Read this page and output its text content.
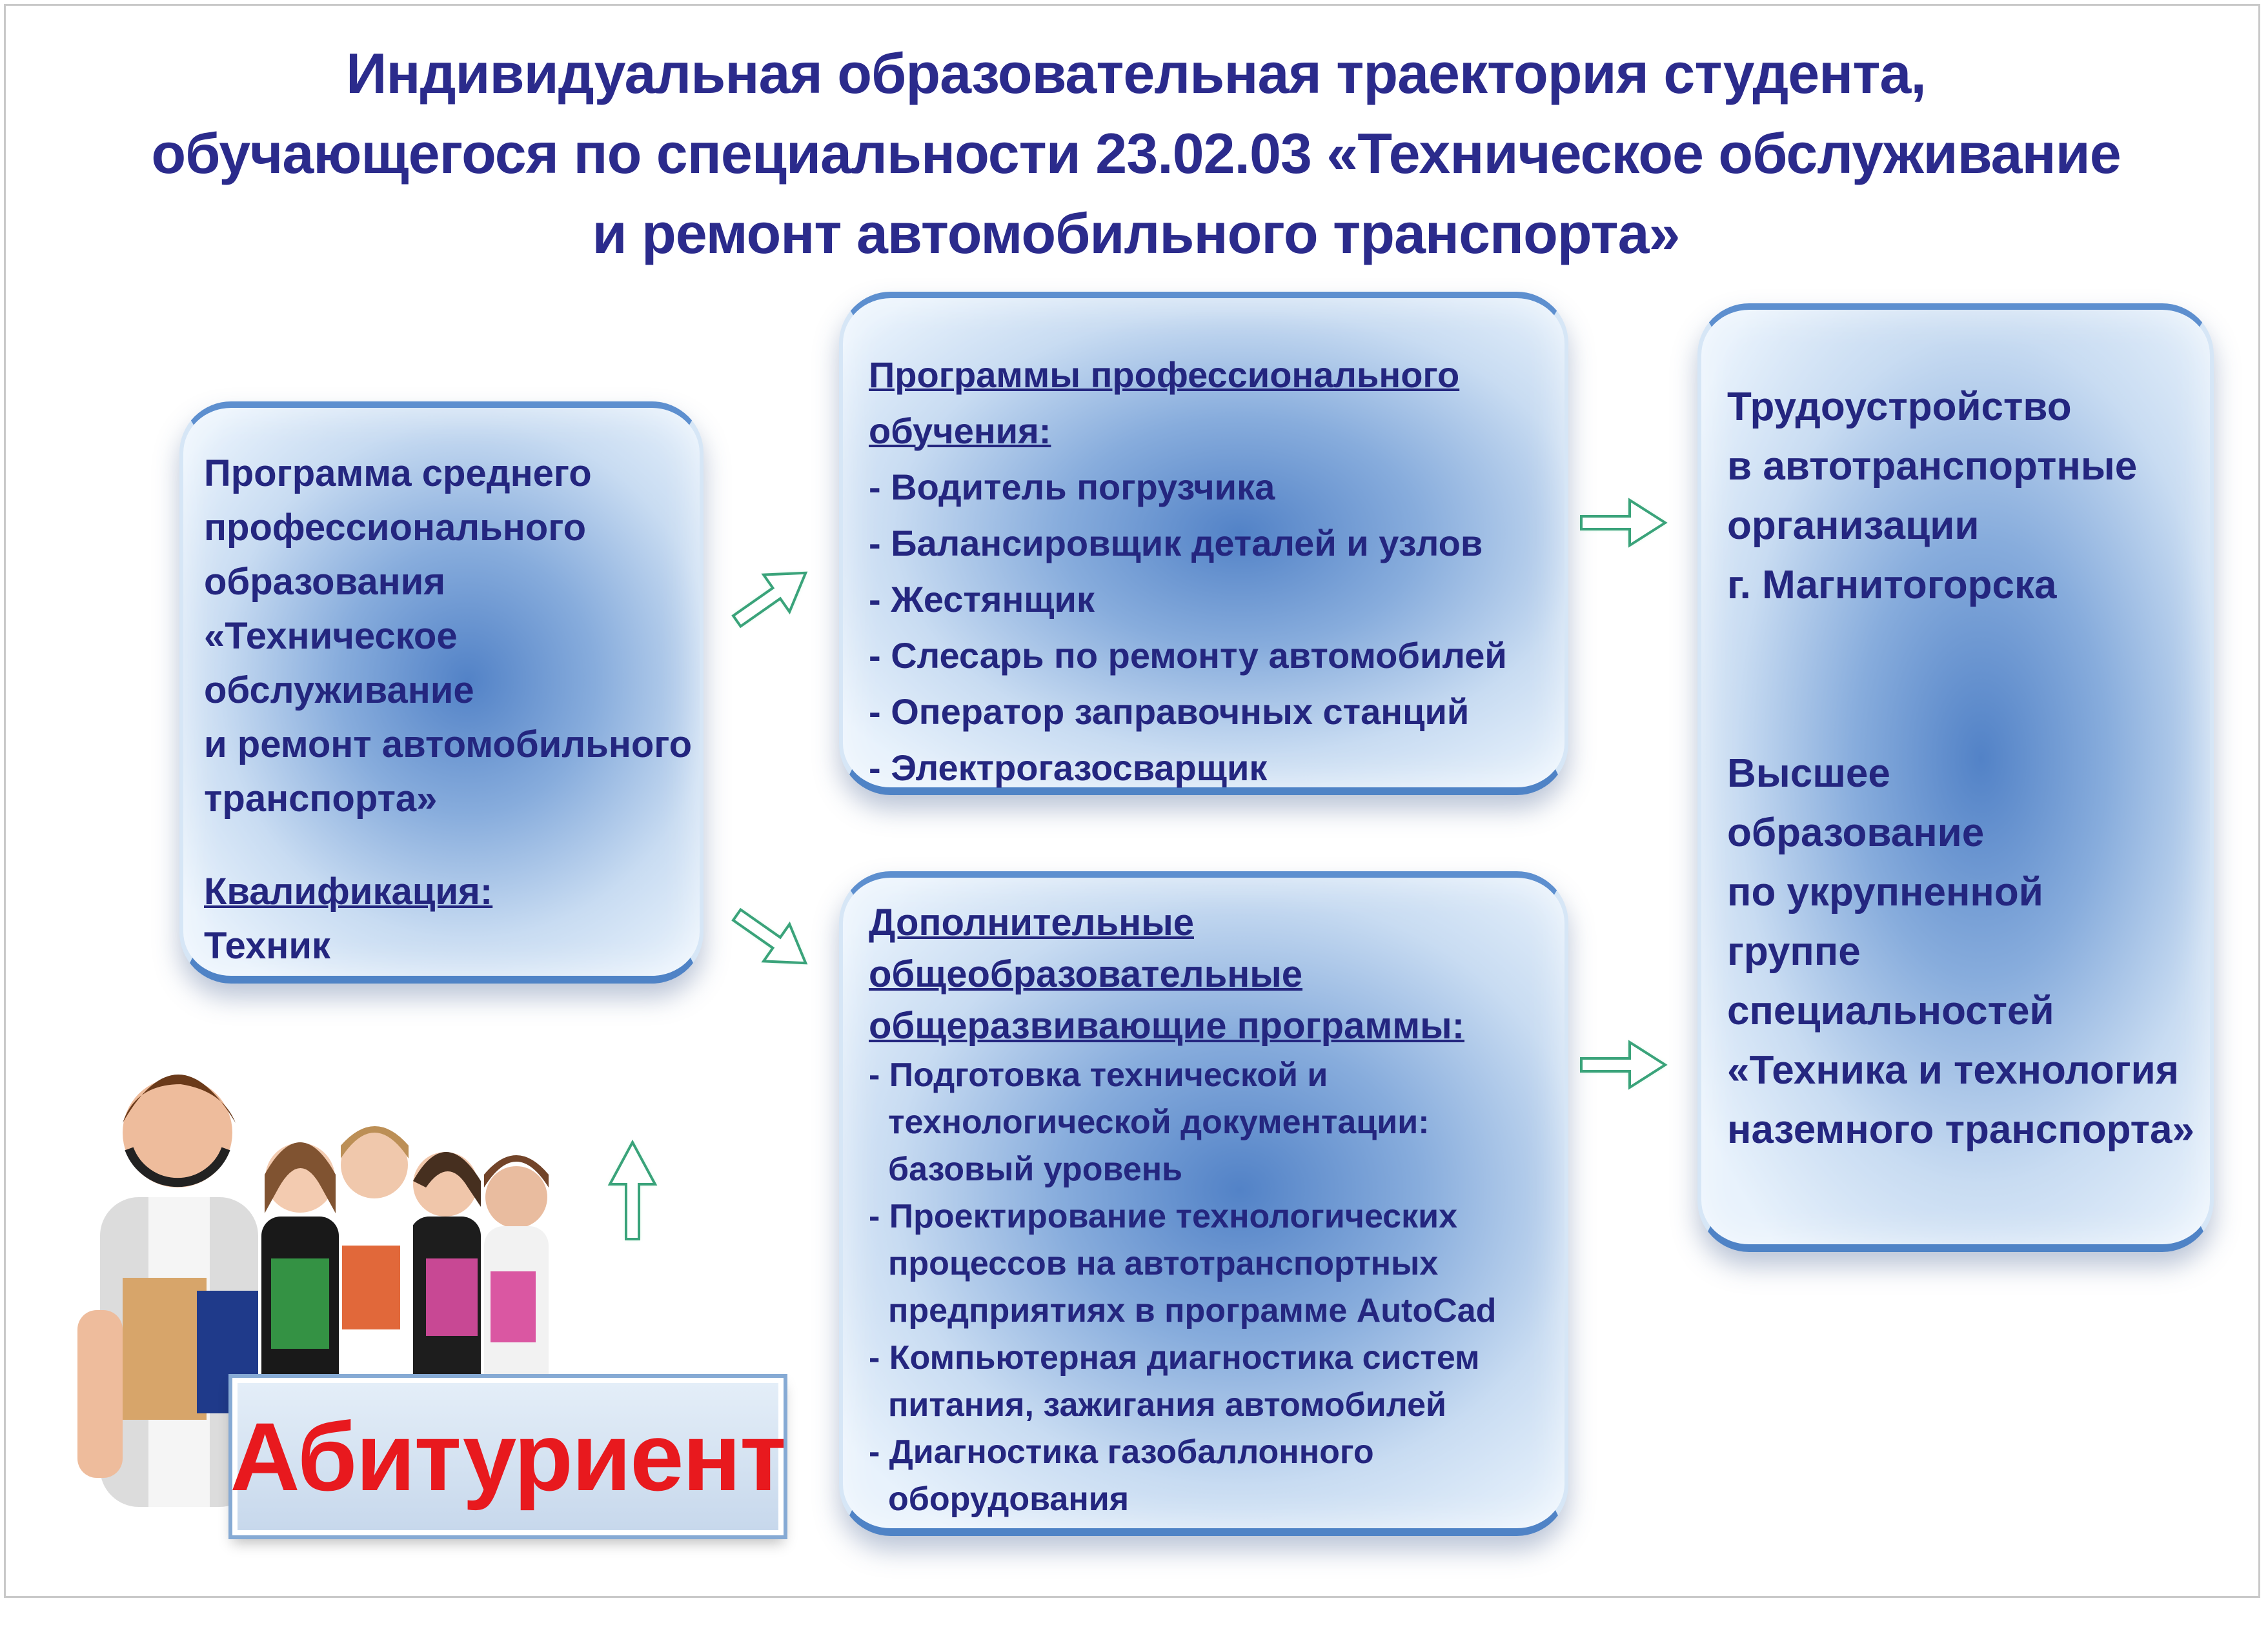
Индивидуальная образовательная траектория студента,
обучающегося по специальности 23.02.03 «Техническое обслуживание
и ремонт автомобильного транспорта»
Программа среднего
профессионального
образования
«Техническое
обслуживание
и ремонт автомобильного
транспорта»
Квалификация:
Техник
Программы профессионального
обучения:
- Водитель погрузчика
- Балансировщик деталей и узлов
- Жестянщик
- Слесарь по ремонту автомобилей
- Оператор заправочных станций
- Электрогазосварщик
Дополнительные
общеобразовательные
общеразвивающие программы:
- Подготовка технической и
технологической документации:
базовый уровень
- Проектирование технологических
процессов на автотранспортных
предприятиях в программе AutoCad
- Компьютерная диагностика систем
питания, зажигания автомобилей
- Диагностика газобаллонного
оборудования
Трудоустройство
в автотранспортные
организации
г. Магнитогорска
Высшее
образование
по укрупненной
группе
специальностей
«Техника и технология
наземного транспорта»
Абитуриент
